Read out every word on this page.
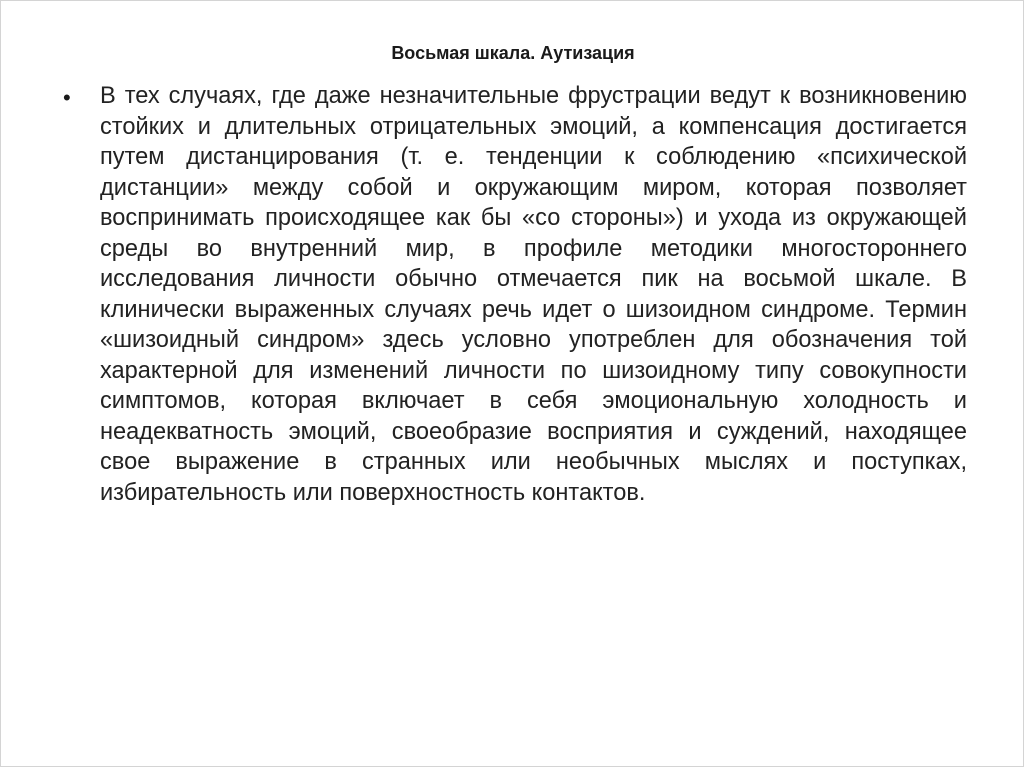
Восьмая шкала. Аутизация
• В тех случаях, где даже незначительные фрустрации ведут к возникновению стойких и длительных отрицательных эмоций, а компенсация достигается путем дистанцирования (т. е. тенденции к соблюдению «психической дистанции» между собой и окружающим миром, которая позволяет воспринимать происходящее как бы «со стороны») и ухода из окружающей среды во внутренний мир, в профиле методики многостороннего исследования личности обычно отмечается пик на восьмой шкале. В клинически выраженных случаях речь идет о шизоидном синдроме. Термин «шизоидный синдром» здесь условно употреблен для обозначения той характерной для изменений личности по шизоидному типу совокупности симптомов, которая включает в себя эмоциональную холодность и неадекватность эмоций, своеобразие восприятия и суждений, находящее свое выражение в странных или необычных мыслях и поступках, избирательность или поверхностность контактов.
